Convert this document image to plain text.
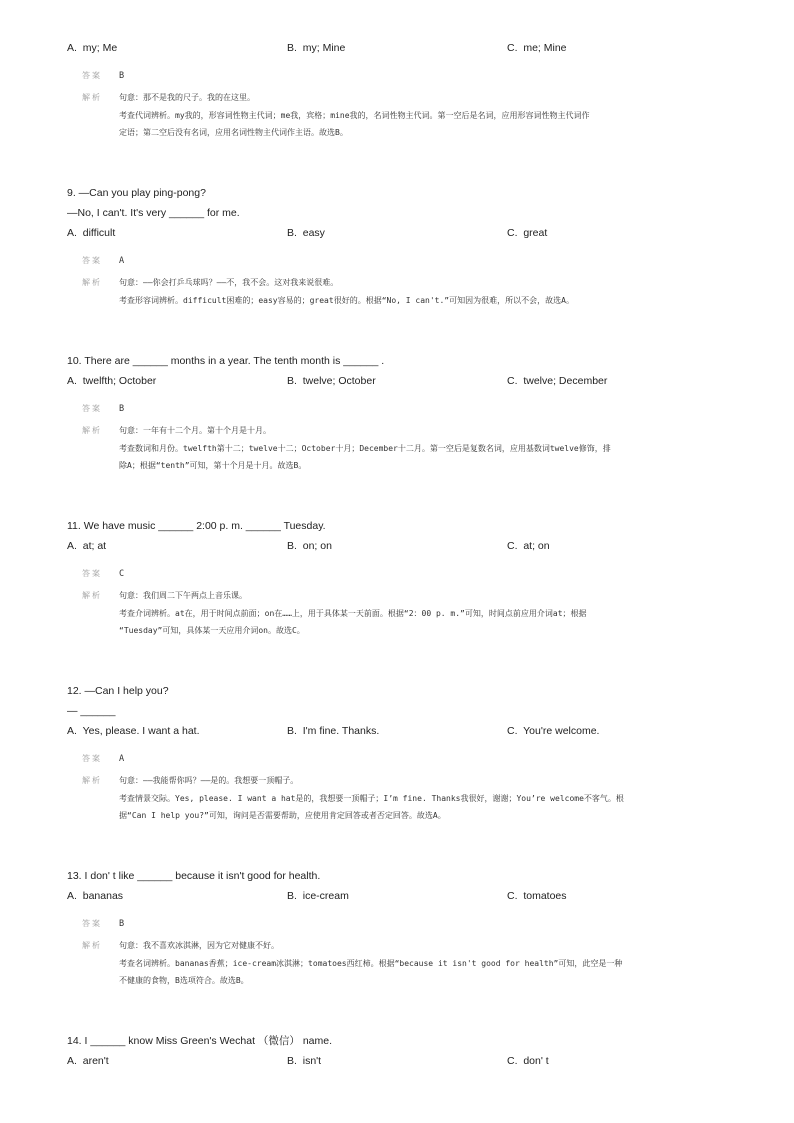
A.  my; Me	B.  my; Mine	C.  me; Mine
答案 B
解析 句意：那不是我的尺子。我的在这里。
考查代词辨析。my我的，形容词性物主代词；me我，宾格；mine我的，名词性物主代词。第一空后是名词，应用形容词性物主代词作
定语；第二空后没有名词，应用名词性物主代词作主语。故选B。
9. —Can you play ping-pong?
—No, I can't. It's very ______ for me.
A.  difficult	B.  easy	C.  great
答案 A
解析 句意：——你会打乒乓球吗？——不，我不会。这对我来说很难。
考查形容词辨析。difficult困难的；easy容易的；great很好的。根据“No, I can't.”可知因为很难，所以不会，故选A。
10. There are ______ months in a year. The tenth month is ______ .
A.  twelfth; October	B.  twelve; October	C.  twelve; December
答案 B
解析 句意：一年有十二个月。第十个月是十月。
考查数词和月份。twelfth第十二；twelve十二；October十月；December十二月。第一空后是复数名词，应用基数词twelve修饰，排
除A；根据“tenth”可知，第十个月是十月。故选B。
11. We have music ______ 2:00 p. m. ______ Tuesday.
A.  at; at	B.  on; on	C.  at; on
答案 C
解析 句意：我们周二下午两点上音乐课。
考查介词辨析。at在，用于时间点前面；on在……上，用于具体某一天前面。根据“2：00 p. m.”可知，时间点前应用介词at；根据
“Tuesday”可知，具体某一天应用介词on。故选C。
12. —Can I help you?
— ______
A.  Yes, please. I want a hat.	B.  I'm fine. Thanks.	C.  You're welcome.
答案 A
解析 句意：——我能帮你吗？——是的。我想要一顶帽子。
考查情景交际。Yes, please. I want a hat是的，我想要一顶帽子；I’m fine. Thanks我很好，谢谢；You’re welcome不客气。根
据“Can I help you?”可知，询问是否需要帮助，应使用肯定回答或者否定回答。故选A。
13. I don' t like ______ because it isn't good for health.
A.  bananas	B.  ice-cream	C.  tomatoes
答案 B
解析 句意：我不喜欢冰淇淋，因为它对健康不好。
考查名词辨析。bananas香蕉；ice-cream冰淇淋；tomatoes西红柿。根据“because it isn't good for health”可知，此空是一种
不健康的食物，B选项符合。故选B。
14. I ______ know Miss Green's Wechat （微信） name.
A.  aren't	B.  isn't	C.  don' t
